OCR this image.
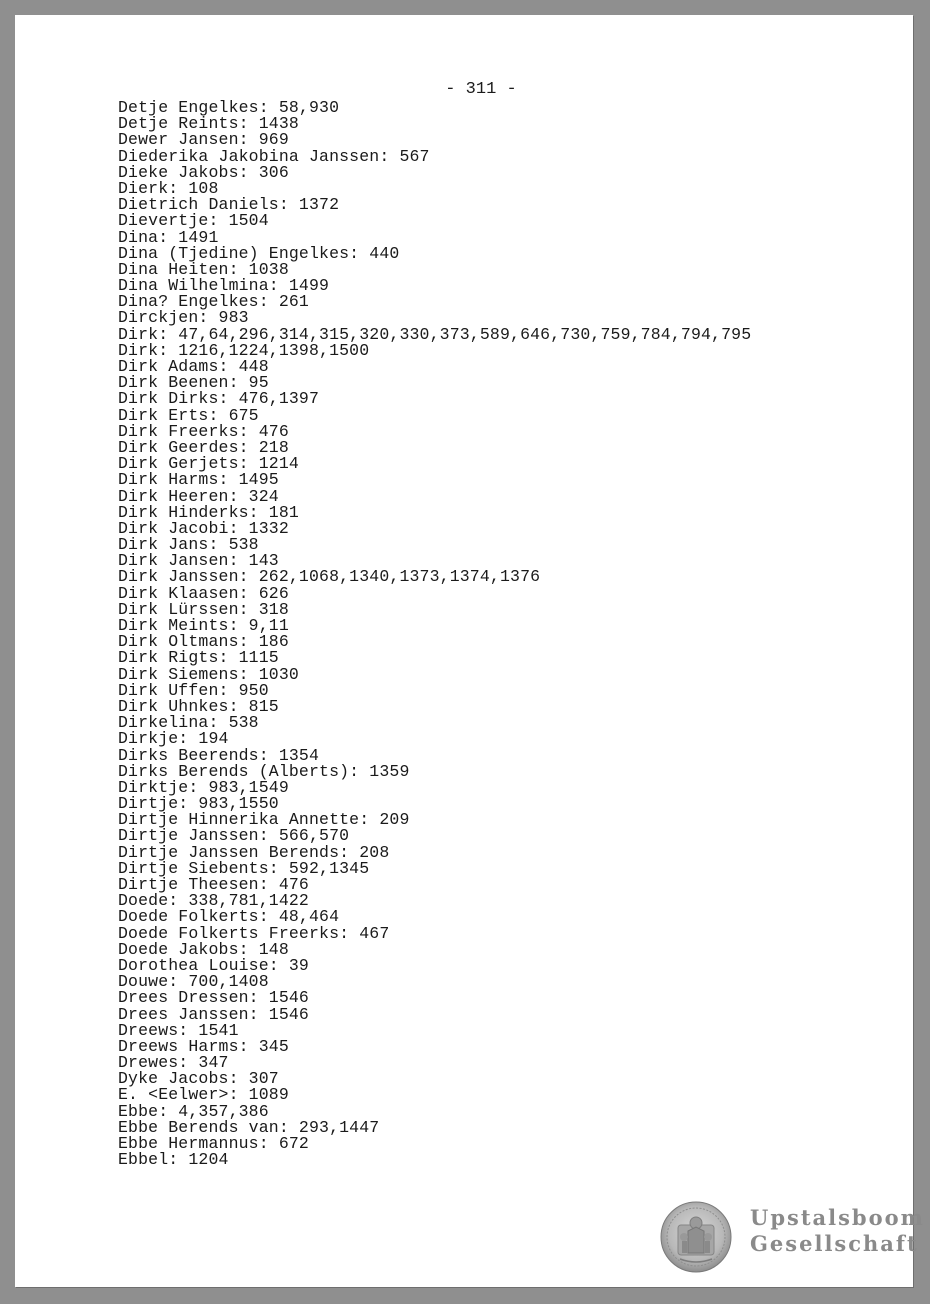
- 311 -
Detje Engelkes: 58,930
Detje Reints: 1438
Dewer Jansen: 969
Diederika Jakobina Janssen: 567
Dieke Jakobs: 306
Dierk: 108
Dietrich Daniels: 1372
Dievertje: 1504
Dina: 1491
Dina (Tjedine) Engelkes: 440
Dina Heiten: 1038
Dina Wilhelmina: 1499
Dina? Engelkes: 261
Dirckjen: 983
Dirk: 47,64,296,314,315,320,330,373,589,646,730,759,784,794,795
Dirk: 1216,1224,1398,1500
Dirk Adams: 448
Dirk Beenen: 95
Dirk Dirks: 476,1397
Dirk Erts: 675
Dirk Freerks: 476
Dirk Geerdes: 218
Dirk Gerjets: 1214
Dirk Harms: 1495
Dirk Heeren: 324
Dirk Hinderks: 181
Dirk Jacobi: 1332
Dirk Jans: 538
Dirk Jansen: 143
Dirk Janssen: 262,1068,1340,1373,1374,1376
Dirk Klaasen: 626
Dirk Lürssen: 318
Dirk Meints: 9,11
Dirk Oltmans: 186
Dirk Rigts: 1115
Dirk Siemens: 1030
Dirk Uffen: 950
Dirk Uhnkes: 815
Dirkelina: 538
Dirkje: 194
Dirks Beerends: 1354
Dirks Berends (Alberts): 1359
Dirktje: 983,1549
Dirtje: 983,1550
Dirtje Hinnerika Annette: 209
Dirtje Janssen: 566,570
Dirtje Janssen Berends: 208
Dirtje Siebents: 592,1345
Dirtje Theesen: 476
Doede: 338,781,1422
Doede Folkerts: 48,464
Doede Folkerts Freerks: 467
Doede Jakobs: 148
Dorothea Louise: 39
Douwe: 700,1408
Drees Dressen: 1546
Drees Janssen: 1546
Dreews: 1541
Dreews Harms: 345
Drewes: 347
Dyke Jacobs: 307
E. <Eelwer>: 1089
Ebbe: 4,357,386
Ebbe Berends van: 293,1447
Ebbe Hermannus: 672
Ebbel: 1204
Upstalsboom
Gesellschaft
